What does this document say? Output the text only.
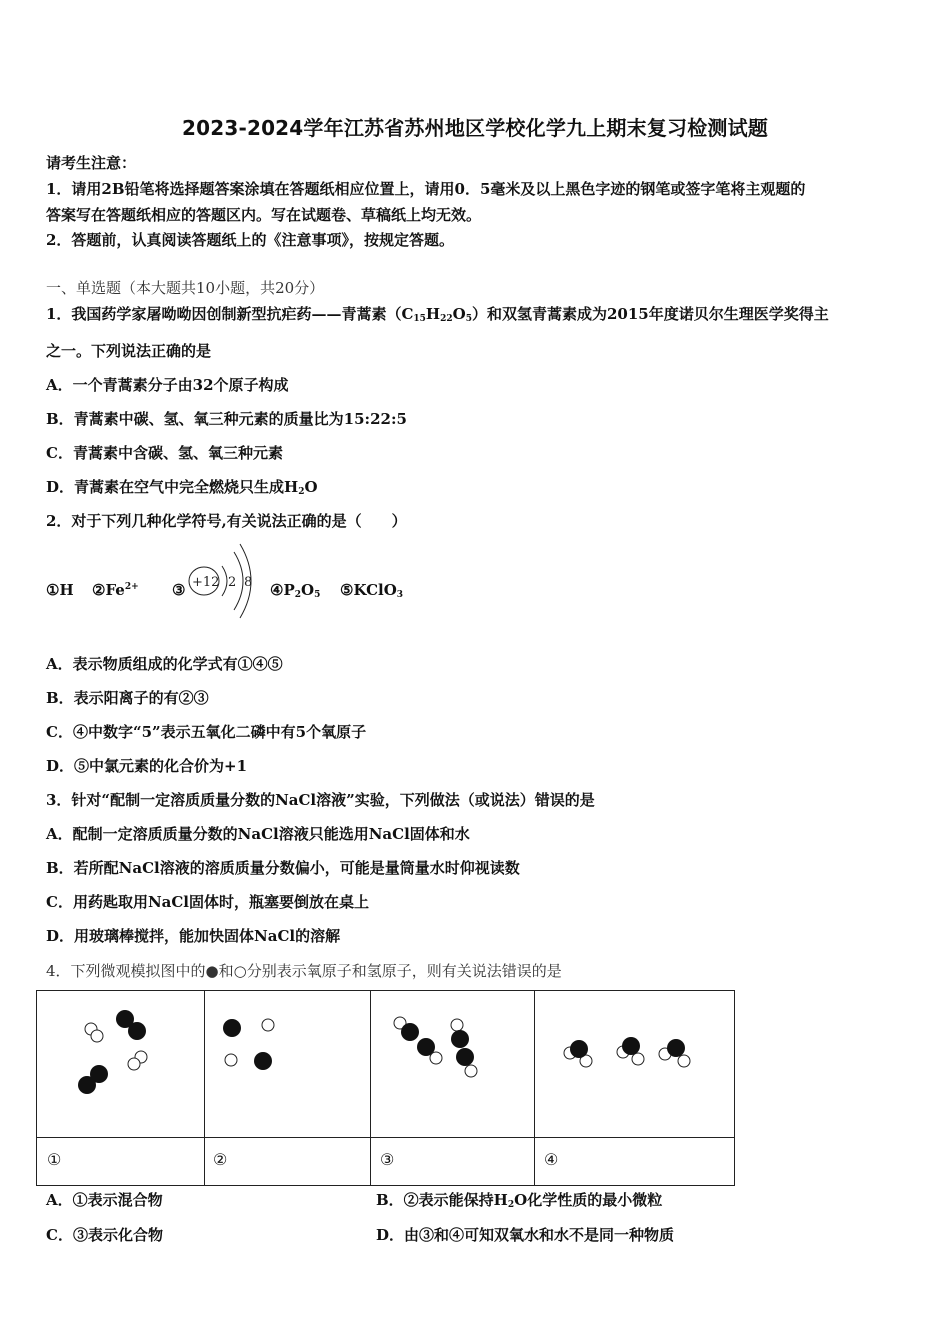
2023-2024学年江苏省苏州地区学校化学九上期末复习检测试题
请考生注意：
1．请用2B铅笔将选择题答案涂填在答题纸相应位置上，请用0．5毫米及以上黑色字迹的钢笔或签字笔将主观题的
答案写在答题纸相应的答题区内。写在试题卷、草稿纸上均无效。
2．答题前，认真阅读答题纸上的《注意事项》，按规定答题。
一、单选题（本大题共10小题，共20分）
1．我国药学家屠呦呦因创制新型抗疟药——青蒿素$(C_{15}H_{22}O_5)$和双氢青蒿素成为2015年度诺贝尔生理医学奖得主
之一。下列说法正确的是
A．一个青蒿素分子由32个原子构成
B．青蒿素中碳、氢、氧三种元素的质量比为15:22:5
C．青蒿素中含碳、氢、氧三种元素
D．青蒿素在空气中完全燃烧只生成$H_2O$
2．对于下列几种化学符号,有关说法正确的是（　　）
①H $②Fe^{2+}$ ③ +12 2 8 $④P_2O_5$ ⑤KClO$_3$
A．表示物质组成的化学式有①④⑤
B．表示阳离子的有②③
C．④中数字“5”表示五氧化二磷中有5个氧原子
D．⑤中氯元素的化合价为+1
3．针对“配制一定溶质质量分数的NaCl溶液”实验，下列做法（或说法）错误的是
A．配制一定溶质质量分数的NaCl溶液只能选用NaCl固体和水
B．若所配NaCl溶液的溶质质量分数偏小，可能是量筒量水时仰视读数
C．用药匙取用NaCl固体时，瓶塞要倒放在桌上
D．用玻璃棒搅拌，能加快固体NaCl的溶解
4．下列微观模拟图中的●和○分别表示氧原子和氢原子，则有关说法错误的是
①	②	③	④
A．①表示混合物	B．②表示能保持$H_2O$化学性质的最小微粒
C．③表示化合物	D．由③和④可知双氧水和水不是同一种物质
